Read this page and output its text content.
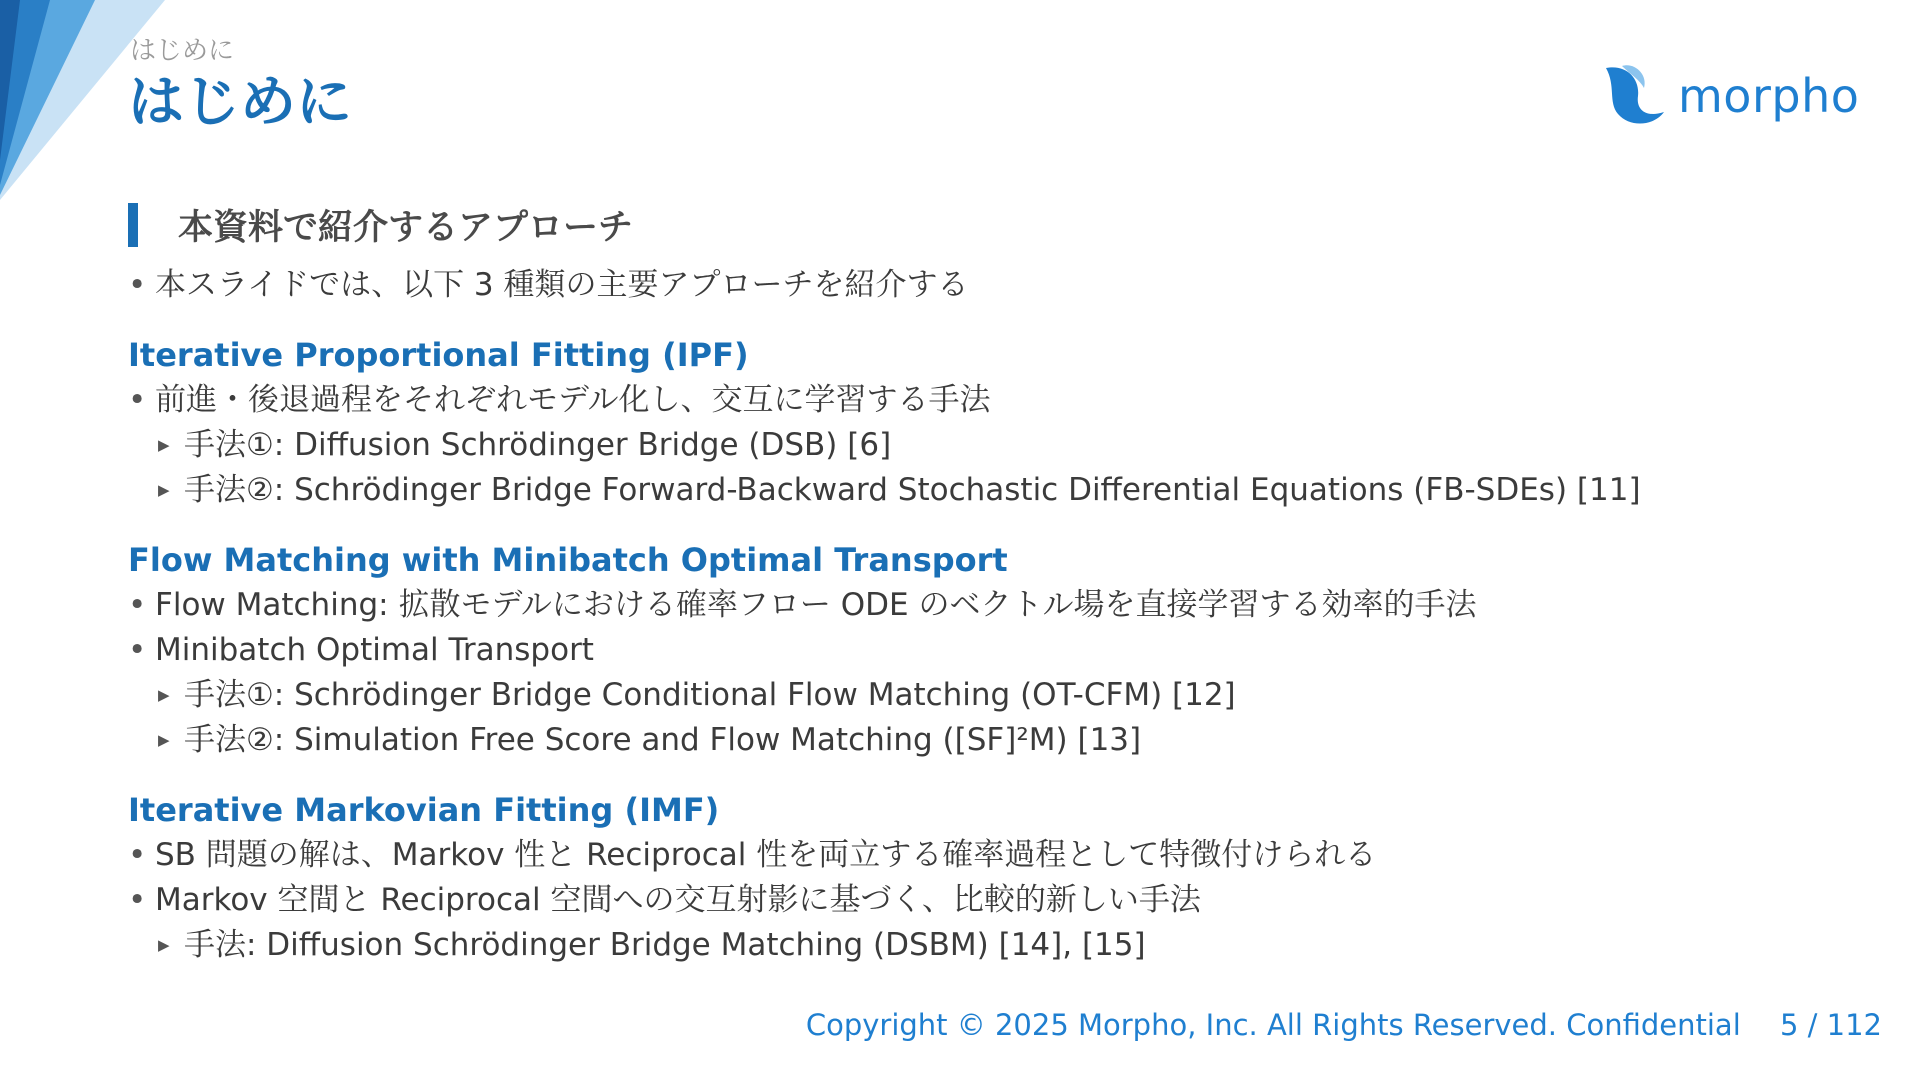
はじめに
はじめに	morpho
本資料で紹介するアプローチ
• 本スライドでは、以下 3 種類の主要アプローチを紹介する
Iterative Proportional Fitting (IPF)
• 前進・後退過程をそれぞれモデル化し、交互に学習する手法
▶ 手法①: Diffusion Schrödinger Bridge (DSB) [6]
▶ 手法②: Schrödinger Bridge Forward-Backward Stochastic Differential Equations (FB-SDEs) [11]
Flow Matching with Minibatch Optimal Transport
• Flow Matching: 拡散モデルにおける確率フロー ODE のベクトル場を直接学習する効率的手法
• Minibatch Optimal Transport
▶ 手法①: Schrödinger Bridge Conditional Flow Matching (OT-CFM) [12]
▶ 手法②: Simulation Free Score and Flow Matching ([SF]²M) [13]
Iterative Markovian Fitting (IMF)
• SB 問題の解は、Markov 性と Reciprocal 性を両立する確率過程として特徴付けられる
• Markov 空間と Reciprocal 空間への交互射影に基づく、比較的新しい手法
▶ 手法: Diffusion Schrödinger Bridge Matching (DSBM) [14], [15]
Copyright © 2025 Morpho, Inc. All Rights Reserved. Confidential 5 / 112
